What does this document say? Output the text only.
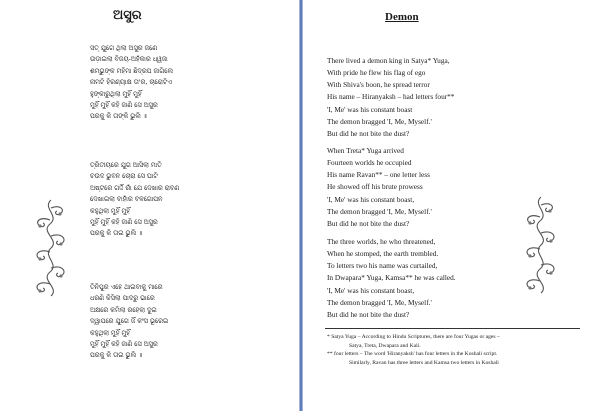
ଅସୁର
ସତ୍ ଯୁଗେ ଥିଲା ଅସୁର ଜଣେ
ଉଡ଼ାଇଲା ବିଜୟ-ଅହଁକାର ଧ୍ୱଜା
ଶମ୍ଭୁଙ୍କ ମହିମା ଛିଦ୍ରପ ଜାଗିଲେ
ନାମଟି ହିରଣ୍ୟାକ୍ଷ ତା'ର, ଚାରୋଟିଏ
ହୁଙ୍କାରୁଥିଲା ମୁହିଁ ମୁହିଁ
ମୁହିଁ ମୁହିଁ କହି ଜାଣି ସେ ଅସୁର
ପରକୁ କି ତାଙ୍କି ଭୁଲି ॥
ତ୍ରିତୀୟରେ ଯୁଗ ଆସିଲା ମାତି
ଚଉଦ ଭୁବନ ଚୋରା ସେ ଘାଟି
ଅଷ୍ଟରେ ଗର୍ଦ୍ଦି ରାଁ ଯେ ଦେଖାର ରାବଣ
ଦେଖାଇଲା ବାହାଁର ବଳଗୋପନ
କହୁଥିଲା ମୁହିଁ ମୁହିଁ
ମୁହିଁ ମୁହିଁ କହି ଜାଣି ସେ ଅସୁର
ପରକୁ କି ତାଇ ଭୁଲି ॥
ତିନିପୁର ଏହେ ଥାଇବାକୁ ମାରେ
ଧରଣି କିସିଲା ପାଦରୁ ଭାରେ
ଅକ୍ଷରେ କମିଲା ରହେଲା ଦୁଇ
ଦ୍ୱାପରେ ଯୁଗେ ଜିଁ କଂସ ଭୂରେଇ
କହୁଥିଲା ମୁହିଁ ମୁହିଁ
ମୁହିଁ ମୁହିଁ କହି ଜାଣି ସେ ଅସୁର
ପରକୁ କି ତାଇ ଭୁଲି ॥
Demon
There lived a demon king in Satya* Yuga,
With pride he flew his flag of ego
With Shiva's boon, he spread terror
His name – Hiranyaksh – had letters four**
'I, Me' was his constant boast
The demon bragged 'I, Me, Myself.'
But did he not bite the dust?
When Treta* Yuga arrived
Fourteen worlds he occupied
His name Ravan** – one letter less
He showed off his brute prowess
'I, Me' was his constant boast,
The demon bragged 'I, Me, Myself.'
But did he not bite the dust?
The three worlds, he who threatened,
When he stomped, the earth trembled.
To letters two his name was curtailed,
In Dwapara* Yuga, Kamsa** he was called.
'I, Me' was his constant boast,
The demon bragged 'I, Me, Myself.'
But did he not bite the dust?
* Satya Yuga – According to Hindu Scriptures, there are four Yugas or ages –
Satya, Treta, Dwapara and Kali.
** four letters – The word 'Hiranyaksh' has four letters in the Koshali script.
Similarly, Ravan has three letters and Kamsa two letters in Koshali
